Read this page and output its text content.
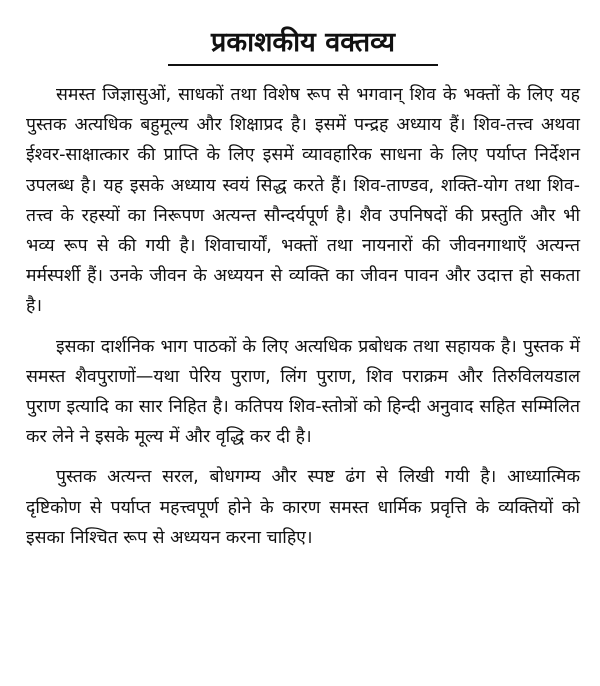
प्रकाशकीय वक्तव्य

समस्त जिज्ञासुओं, साधकों तथा विशेष रूप से भगवान् शिव के भक्तों के लिए यह पुस्तक अत्यधिक बहुमूल्य और शिक्षाप्रद है। इसमें पन्द्रह अध्याय हैं। शिव-तत्त्व अथवा ईश्वर-साक्षात्कार की प्राप्ति के लिए इसमें व्यावहारिक साधना के लिए पर्याप्त निर्देशन उपलब्ध है। यह इसके अध्याय स्वयं सिद्ध करते हैं। शिव-ताण्डव, शक्ति-योग तथा शिव-तत्त्व के रहस्यों का निरूपण अत्यन्त सौन्दर्यपूर्ण है। शैव उपनिषदों की प्रस्तुति और भी भव्य रूप से की गयी है। शिवाचार्यों, भक्तों तथा नायनारों की जीवनगाथाएँ अत्यन्त मर्मस्पर्शी हैं। उनके जीवन के अध्ययन से व्यक्ति का जीवन पावन और उदात्त हो सकता है।

इसका दार्शनिक भाग पाठकों के लिए अत्यधिक प्रबोधक तथा सहायक है। पुस्तक में समस्त शैवपुराणों—यथा पेरिय पुराण, लिंग पुराण, शिव पराक्रम और तिरुविलयडाल पुराण इत्यादि का सार निहित है। कतिपय शिव-स्तोत्रों को हिन्दी अनुवाद सहित सम्मिलित कर लेने ने इसके मूल्य में और वृद्धि कर दी है।

पुस्तक अत्यन्त सरल, बोधगम्य और स्पष्ट ढंग से लिखी गयी है। आध्यात्मिक दृष्टिकोण से पर्याप्त महत्त्वपूर्ण होने के कारण समस्त धार्मिक प्रवृत्ति के व्यक्तियों को इसका निश्चित रूप से अध्ययन करना चाहिए।
